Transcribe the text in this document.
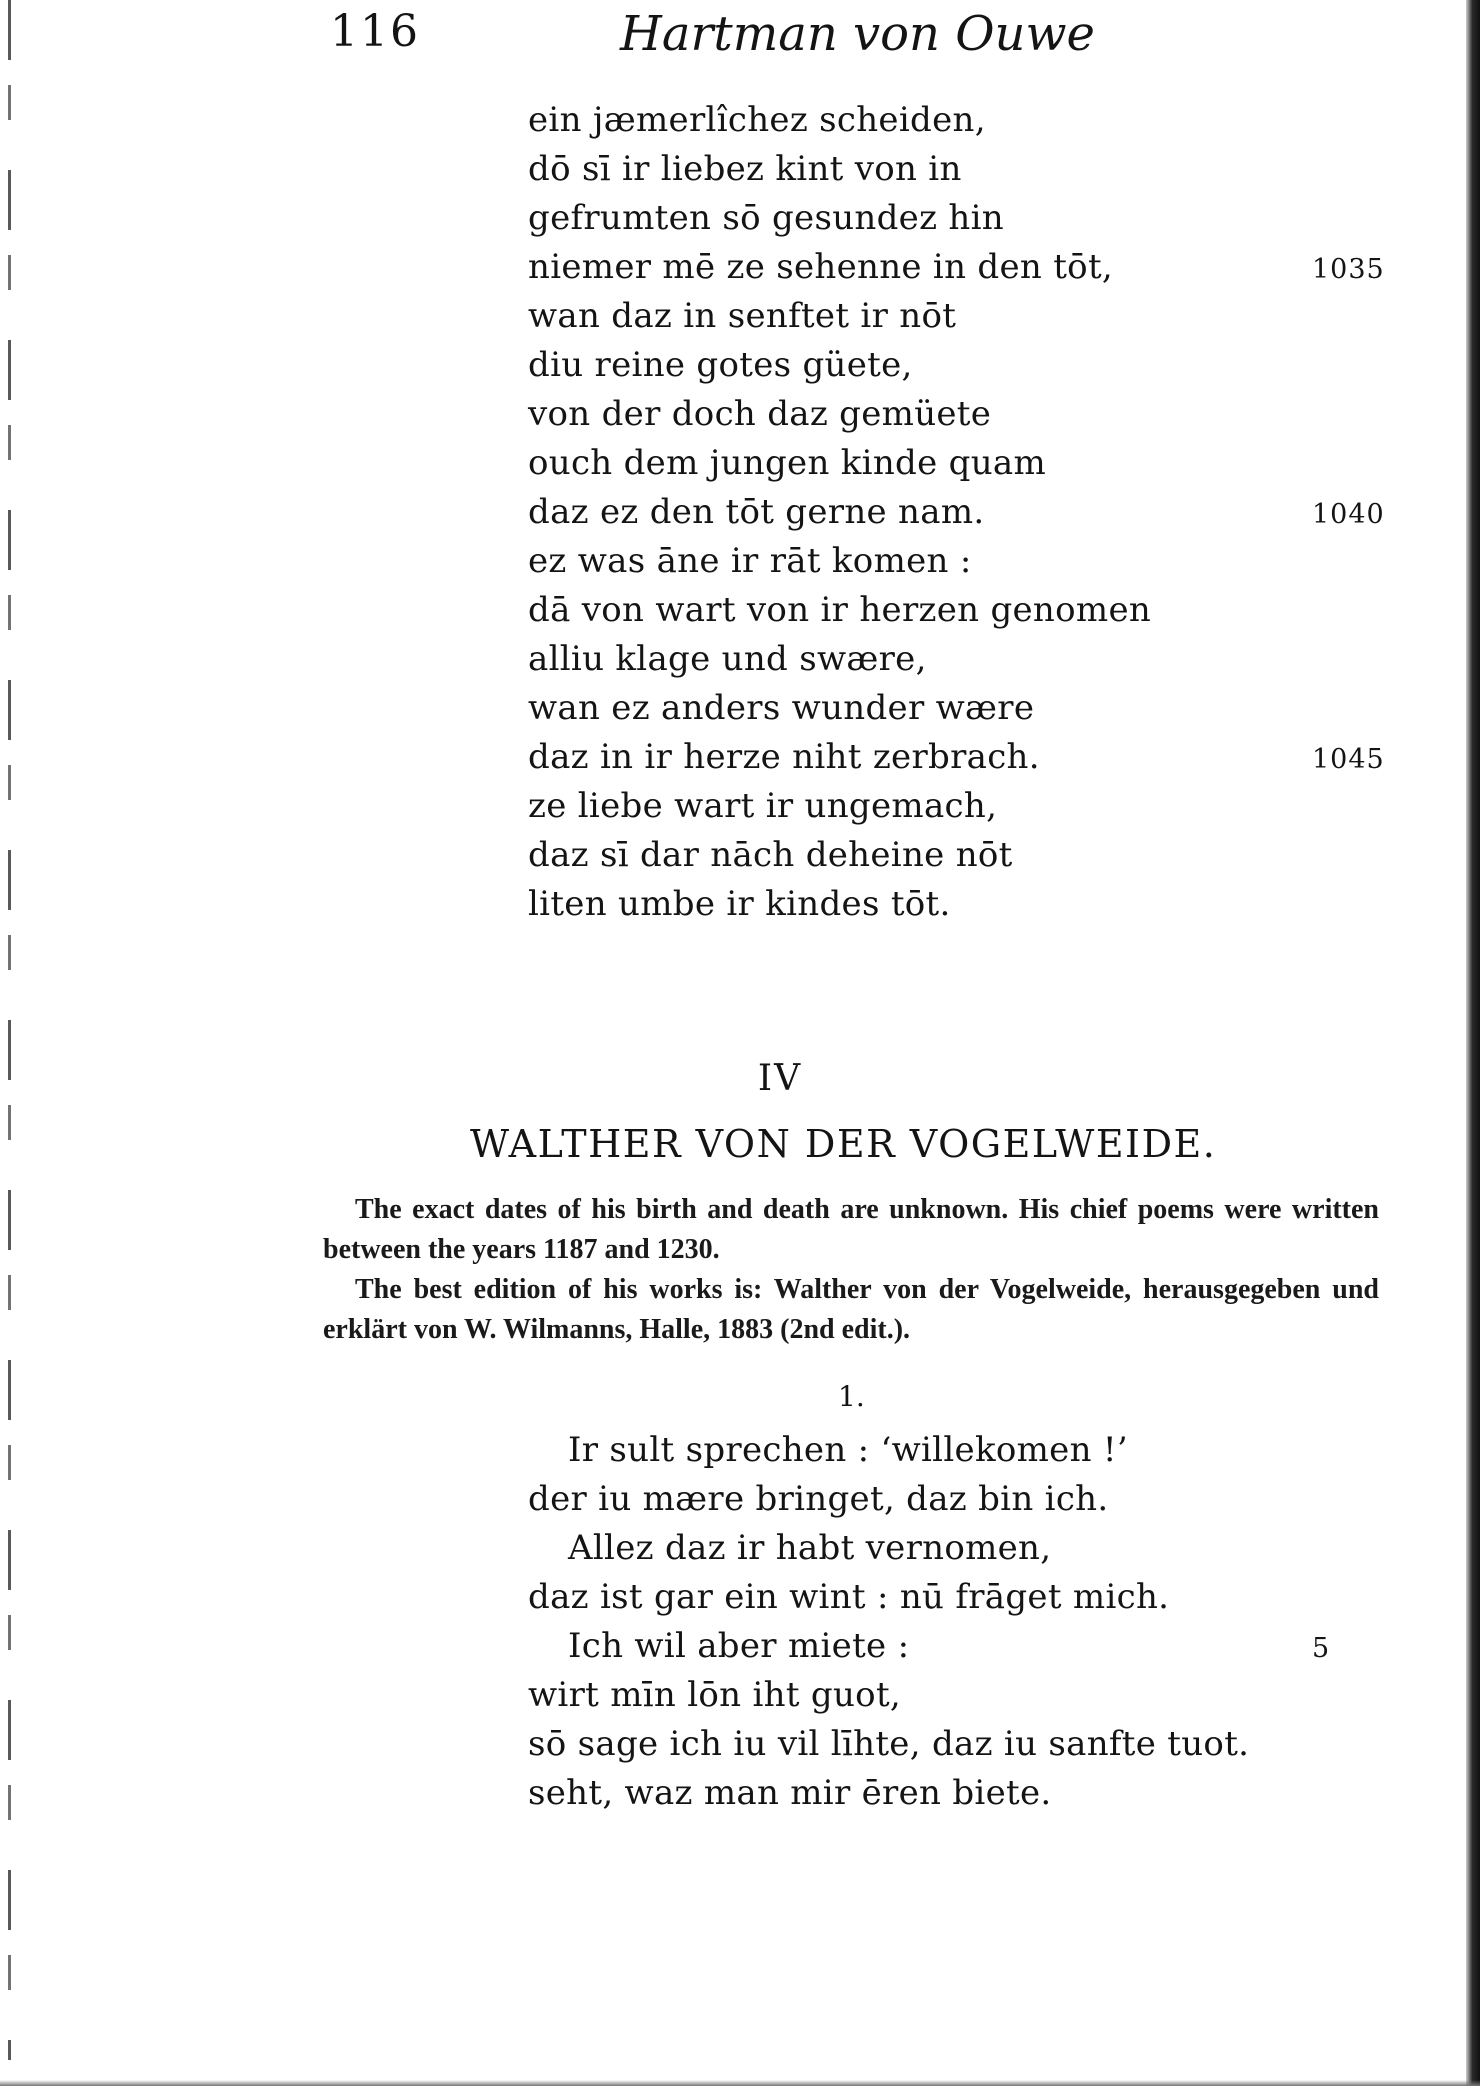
116	Hartman von Ouwe
ein jæmerlîchez scheiden,
dō sī ir liebez kint von in
gefrumten sō gesundez hin
niemer mē ze sehenne in den tōt,	1035
wan daz in senftet ir nōt
diu reine gotes güete,
von der doch daz gemüete
ouch dem jungen kinde quam
daz ez den tōt gerne nam.	1040
ez was āne ir rāt komen :
dā von wart von ir herzen genomen
alliu klage und swære,
wan ez anders wunder wære
daz in ir herze niht zerbrach.	1045
ze liebe wart ir ungemach,
daz sī dar nāch deheine nōt
liten umbe ir kindes tōt.
IV
WALTHER VON DER VOGELWEIDE.

The exact dates of his birth and death are unknown. His chief poems were written between the years 1187 and 1230.

The best edition of his works is: Walther von der Vogelweide, herausgegeben und erklärt von W. Wilmanns, Halle, 1883 (2nd edit.).

1.
Ir sult sprechen : ‘willekomen !’
der iu mære bringet, daz bin ich.
Allez daz ir habt vernomen,
daz ist gar ein wint : nū frāget mich.
Ich wil aber miete :	5
wirt mīn lōn iht guot,
sō sage ich iu vil līhte, daz iu sanfte tuot.
seht, waz man mir ēren biete.
